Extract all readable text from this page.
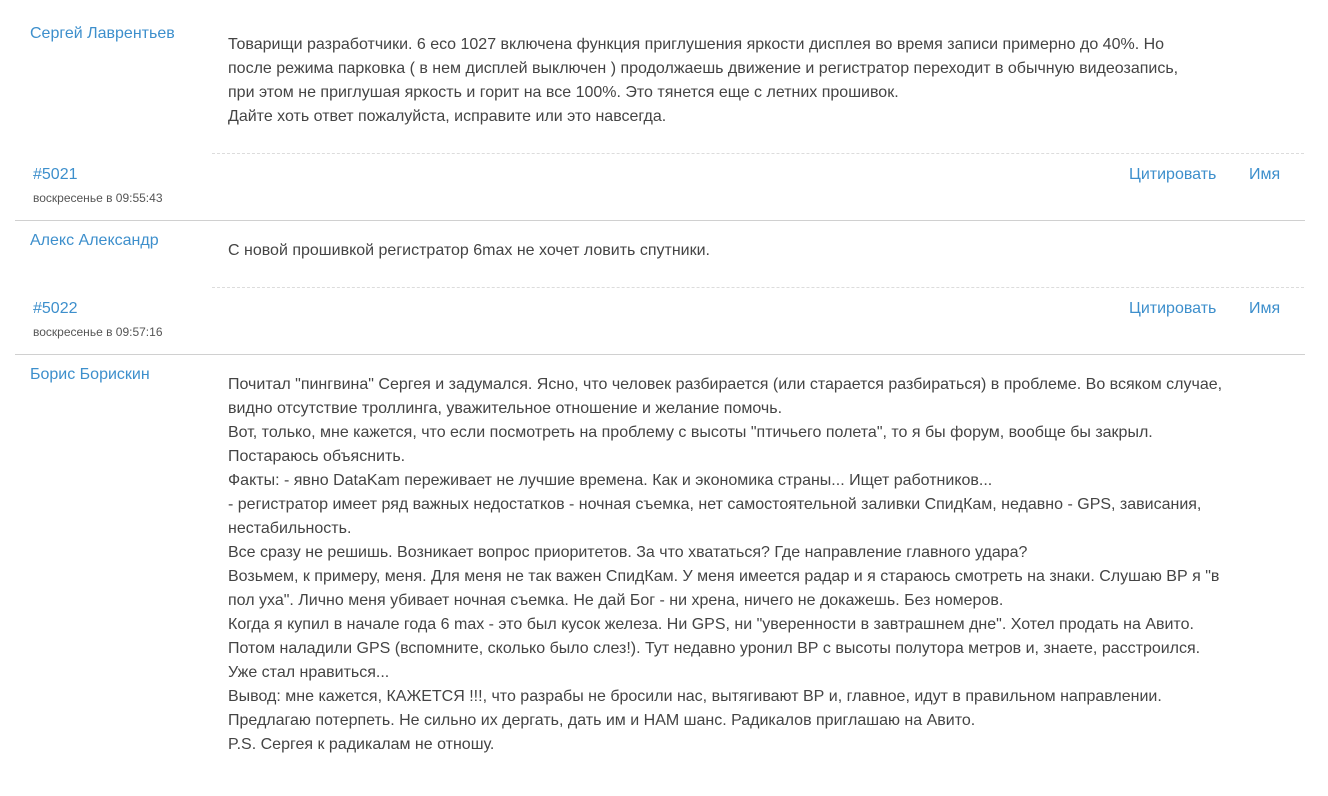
Сергей Лаврентьев

Товарищи разработчики. 6 eco 1027 включена функция приглушения яркости дисплея во время записи примерно до 40%. Но

после режима парковка ( в нем дисплей выключен ) продолжаешь движение и регистратор переходит в обычную видеозапись,

при этом не приглушая яркость и горит на все 100%. Это тянется еще с летних прошивок.

Дайте хоть ответ пожалуйста, исправите или это навсегда.

#5021
воскресенье в 09:55:43
Цитировать Имя
Алекс Александр

С новой прошивкой регистратор 6max не хочет ловить спутники.

#5022
воскресенье в 09:57:16
Цитировать Имя
Борис Борискин

Почитал "пингвина" Сергея и задумался. Ясно, что человек разбирается (или старается разбираться) в проблеме. Во всяком случае,

видно отсутствие троллинга, уважительное отношение и желание помочь.

Вот, только, мне кажется, что если посмотреть на проблему с высоты "птичьего полета", то я бы форум, вообще бы закрыл.

Постараюсь объяснить.

Факты: - явно DataKam переживает не лучшие времена. Как и экономика страны... Ищет работников...

- регистратор имеет ряд важных недостатков - ночная съемка, нет самостоятельной заливки СпидКам, недавно - GPS, зависания,

нестабильность.

Все сразу не решишь. Возникает вопрос приоритетов. За что хвататься? Где направление главного удара?

Возьмем, к примеру, меня. Для меня не так важен СпидКам. У меня имеется радар и я стараюсь смотреть на знаки. Слушаю ВР я "в

пол уха". Лично меня убивает ночная съемка. Не дай Бог - ни хрена, ничего не докажешь. Без номеров.

Когда я купил в начале года 6 max - это был кусок железа. Ни GPS, ни "уверенности в завтрашнем дне". Хотел продать на Авито.

Потом наладили GPS (вспомните, сколько было слез!). Тут недавно уронил ВР с высоты полутора метров и, знаете, расстроился.

Уже стал нравиться...

Вывод: мне кажется, КАЖЕТСЯ !!!, что разрабы не бросили нас, вытягивают ВР и, главное, идут в правильном направлении.

Предлагаю потерпеть. Не сильно их дергать, дать им и НАМ шанс. Радикалов приглашаю на Авито.

P.S. Сергея к радикалам не отношу.
